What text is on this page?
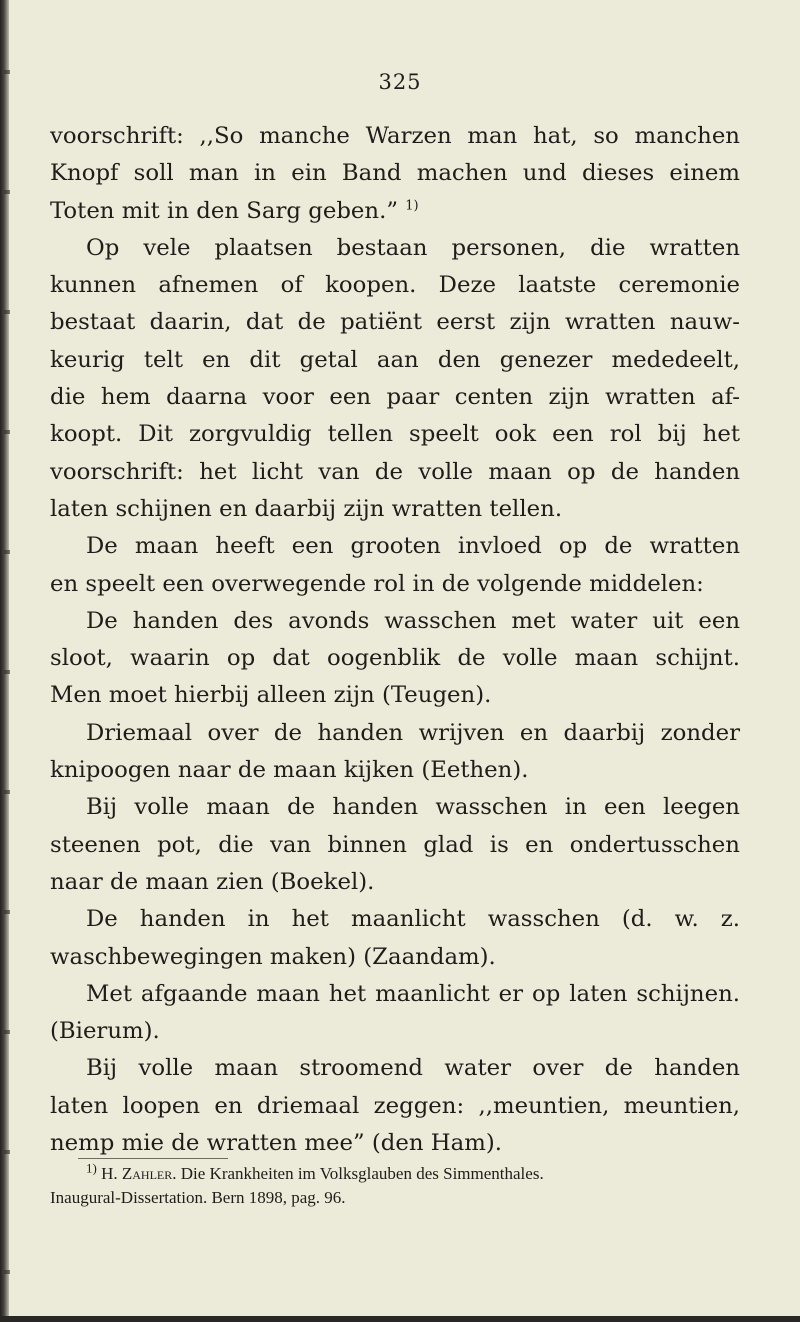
325

voorschrift: ,,So manche Warzen man hat, so manchen

Knopf soll man in ein Band machen und dieses einem

Toten mit in den Sarg geben.” $^{1)}$

Op vele plaatsen bestaan personen, die wratten

kunnen afnemen of koopen. Deze laatste ceremonie

bestaat daarin, dat de patiënt eerst zijn wratten nauw-

keurig telt en dit getal aan den genezer mededeelt,

die hem daarna voor een paar centen zijn wratten af-

koopt. Dit zorgvuldig tellen speelt ook een rol bij het

voorschrift: het licht van de volle maan op de handen

laten schijnen en daarbij zijn wratten tellen.

De maan heeft een grooten invloed op de wratten

en speelt een overwegende rol in de volgende middelen:

De handen des avonds wasschen met water uit een

sloot, waarin op dat oogenblik de volle maan schijnt.

Men moet hierbij alleen zijn (Teugen).

Driemaal over de handen wrijven en daarbij zonder

knipoogen naar de maan kijken (Eethen).

Bij volle maan de handen wasschen in een leegen

steenen pot, die van binnen glad is en ondertusschen

naar de maan zien (Boekel).

De handen in het maanlicht wasschen (d. w. z.

waschbewegingen maken) (Zaandam).

Met afgaande maan het maanlicht er op laten schijnen.

(Bierum).

Bij volle maan stroomend water over de handen

laten loopen en driemaal zeggen: ,,meuntien, meuntien,

nemp mie de wratten mee” (den Ham).

$^{1)}$ H. Zahler. Die Krankheiten im Volksglauben des Simmenthales.

Inaugural-Dissertation. Bern 1898, pag. 96.
